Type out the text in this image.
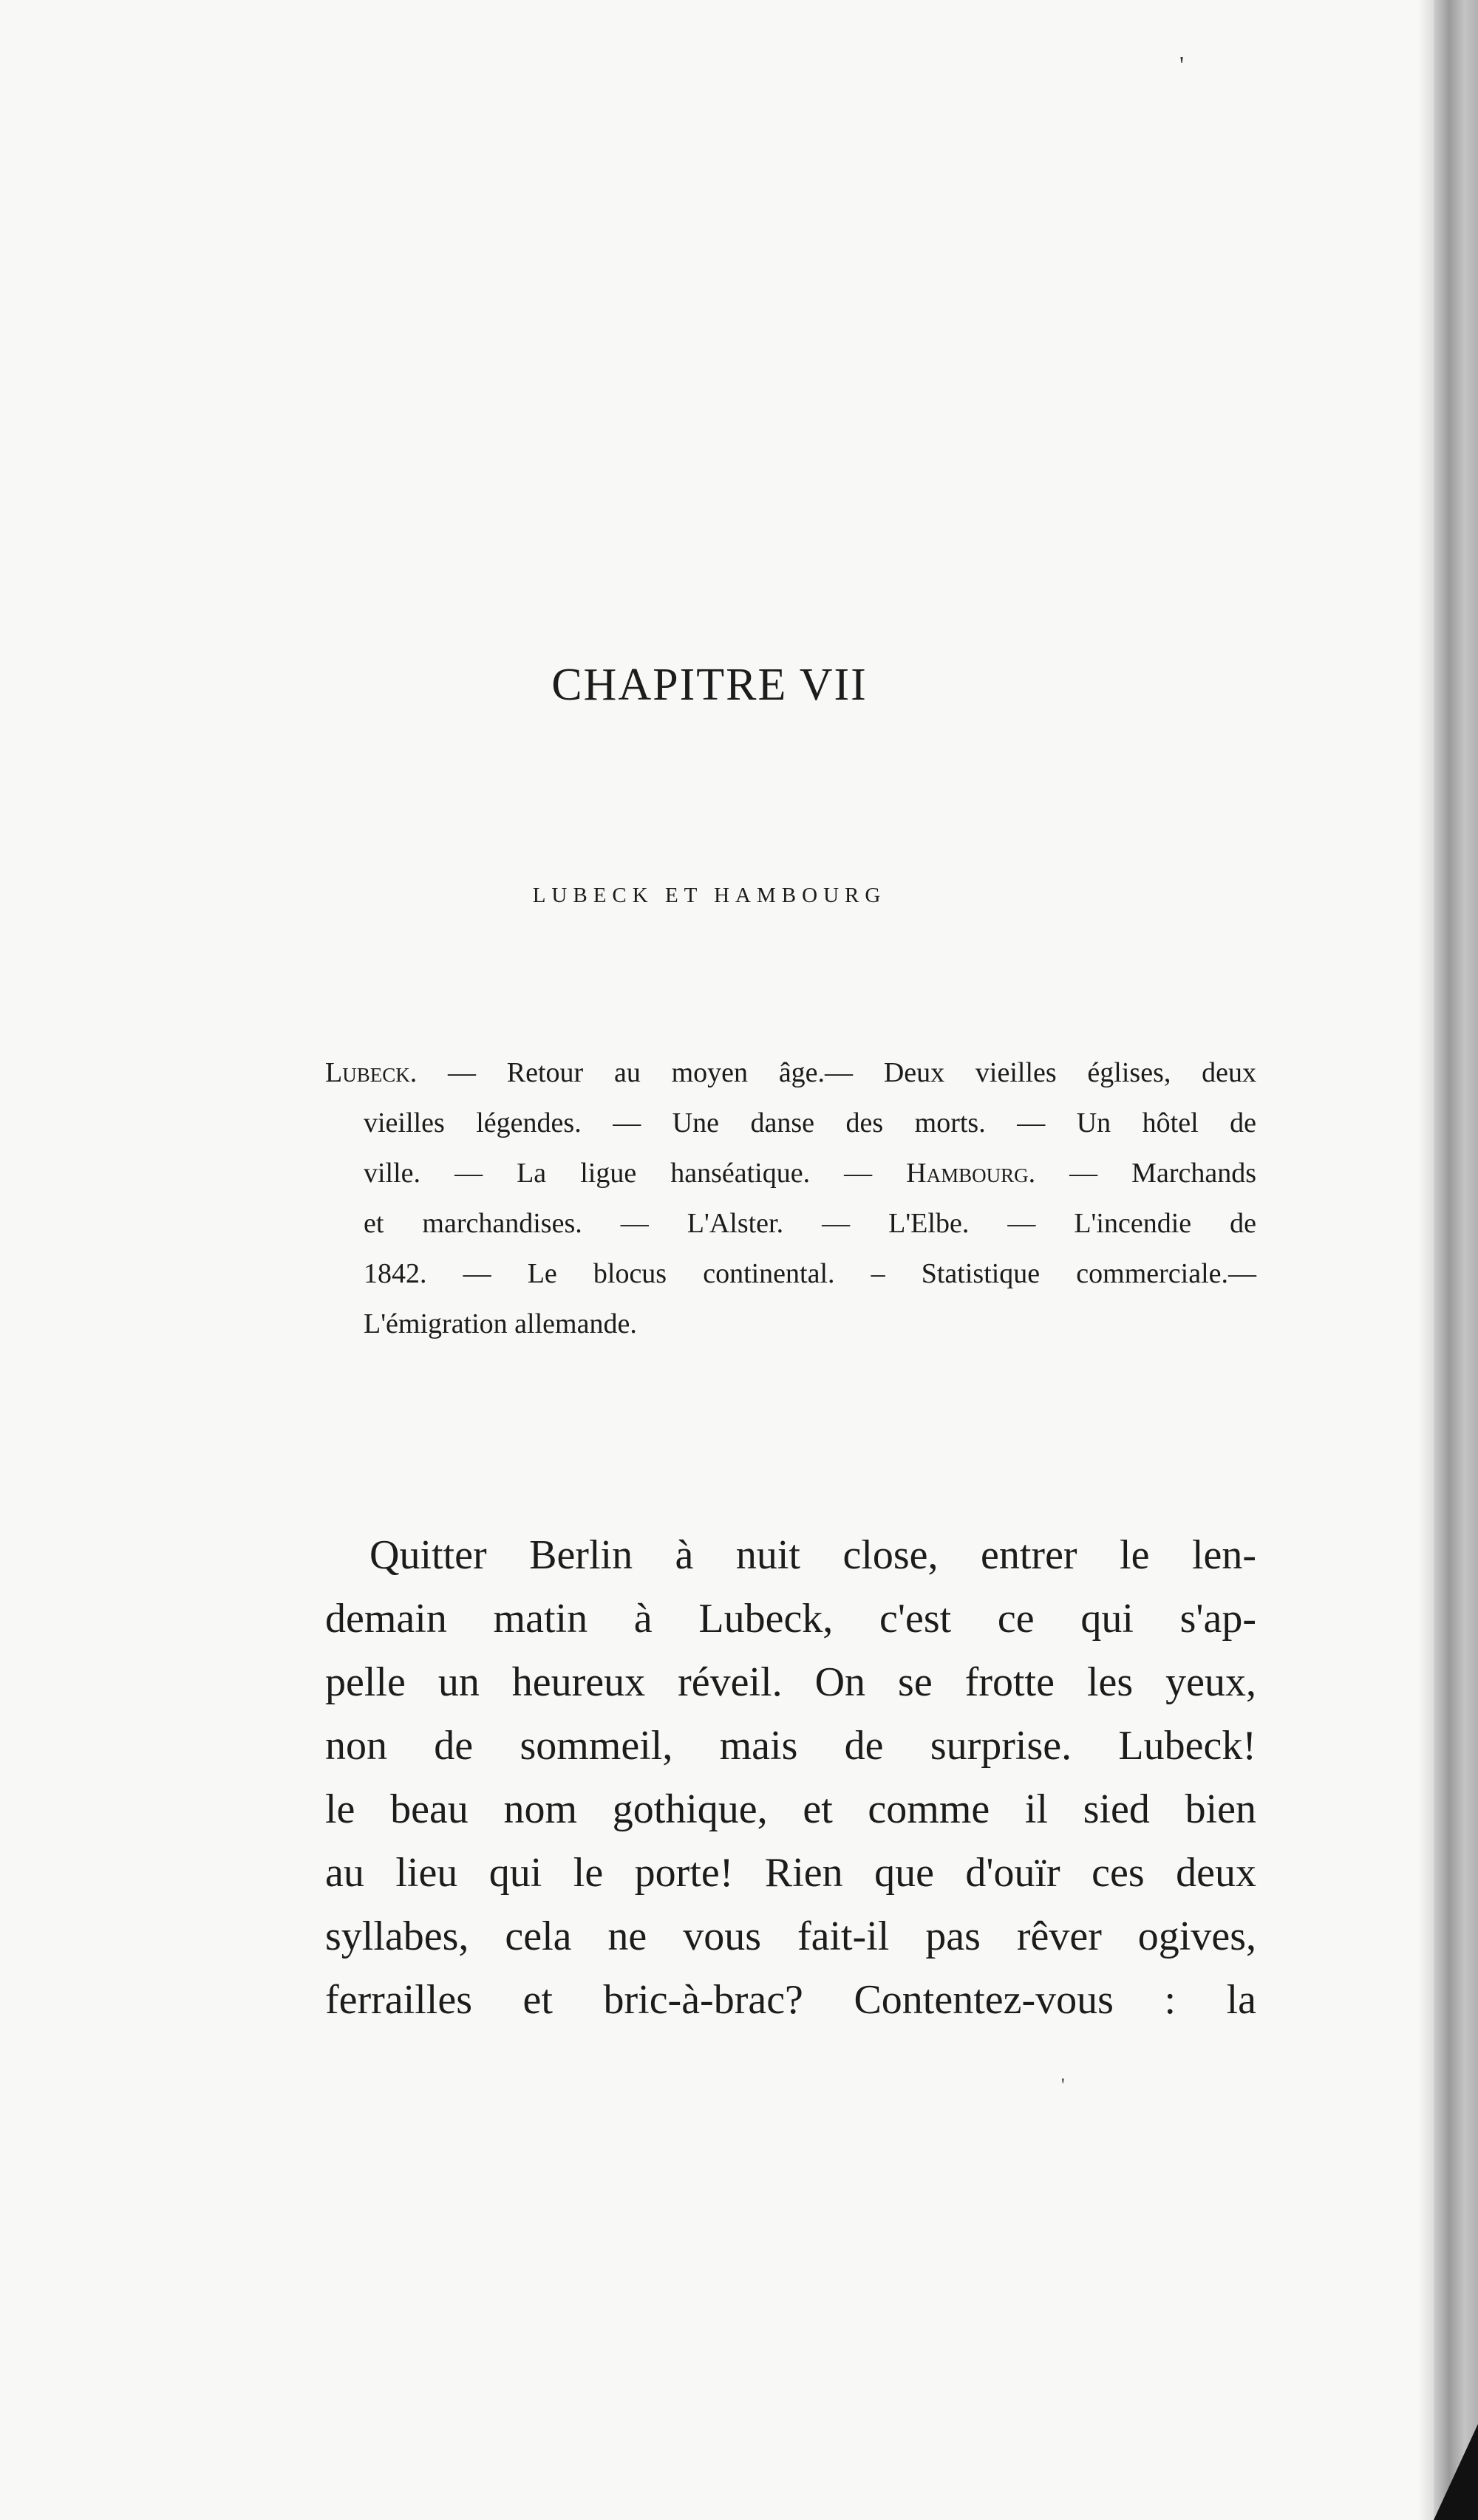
'
'
CHAPITRE VII
LUBECK ET HAMBOURG
Lubeck. — Retour au moyen âge.— Deux vieilles églises, deux
vieilles légendes. — Une danse des morts. — Un hôtel de
ville. — La ligue hanséatique. — Hambourg. — Marchands
et marchandises. — L'Alster. — L'Elbe. — L'incendie de
1842. — Le blocus continental. – Statistique commerciale.—
L'émigration allemande.
Quitter Berlin à nuit close, entrer le len-
demain matin à Lubeck, c'est ce qui s'ap-
pelle un heureux réveil. On se frotte les yeux,
non de sommeil, mais de surprise. Lubeck!
le beau nom gothique, et comme il sied bien
au lieu qui le porte! Rien que d'ouïr ces deux
syllabes, cela ne vous fait-il pas rêver ogives,
ferrailles et bric-à-brac? Contentez-vous : la
